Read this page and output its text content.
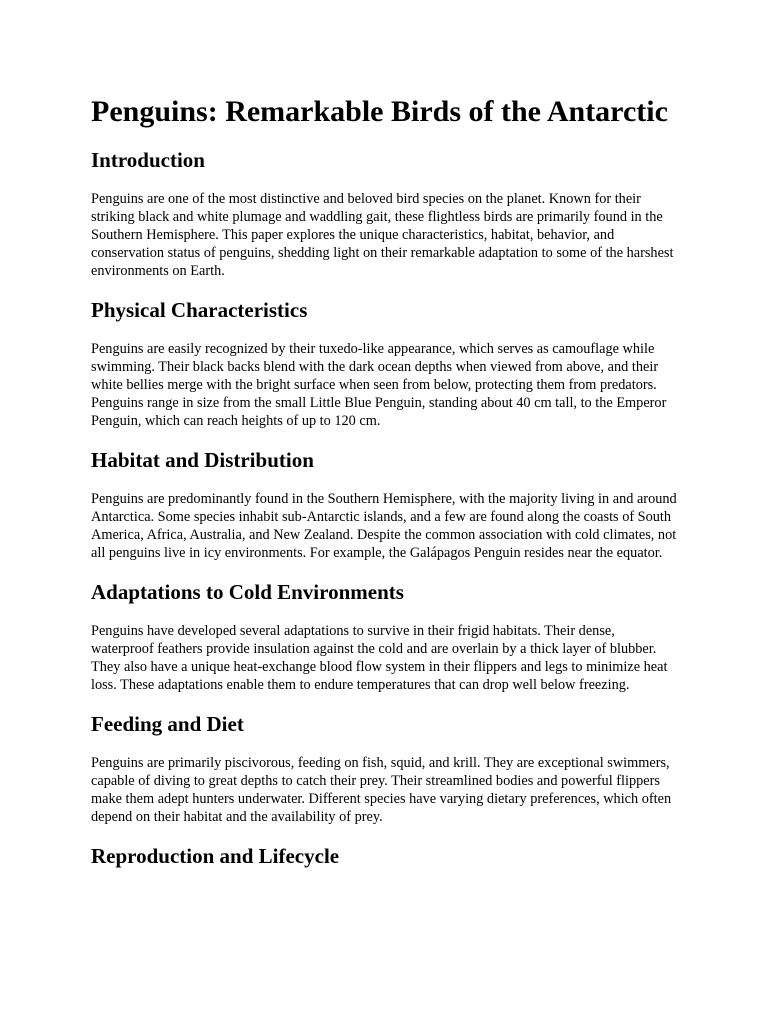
Penguins: Remarkable Birds of the Antarctic
Introduction

Penguins are one of the most distinctive and beloved bird species on the planet. Known for their striking black and white plumage and waddling gait, these flightless birds are primarily found in the Southern Hemisphere. This paper explores the unique characteristics, habitat, behavior, and conservation status of penguins, shedding light on their remarkable adaptation to some of the harshest environments on Earth.

Physical Characteristics

Penguins are easily recognized by their tuxedo-like appearance, which serves as camouflage while swimming. Their black backs blend with the dark ocean depths when viewed from above, and their white bellies merge with the bright surface when seen from below, protecting them from predators. Penguins range in size from the small Little Blue Penguin, standing about 40 cm tall, to the Emperor Penguin, which can reach heights of up to 120 cm.

Habitat and Distribution

Penguins are predominantly found in the Southern Hemisphere, with the majority living in and around Antarctica. Some species inhabit sub-Antarctic islands, and a few are found along the coasts of South America, Africa, Australia, and New Zealand. Despite the common association with cold climates, not all penguins live in icy environments. For example, the Galápagos Penguin resides near the equator.

Adaptations to Cold Environments

Penguins have developed several adaptations to survive in their frigid habitats. Their dense, waterproof feathers provide insulation against the cold and are overlain by a thick layer of blubber. They also have a unique heat-exchange blood flow system in their flippers and legs to minimize heat loss. These adaptations enable them to endure temperatures that can drop well below freezing.

Feeding and Diet

Penguins are primarily piscivorous, feeding on fish, squid, and krill. They are exceptional swimmers, capable of diving to great depths to catch their prey. Their streamlined bodies and powerful flippers make them adept hunters underwater. Different species have varying dietary preferences, which often depend on their habitat and the availability of prey.

Reproduction and Lifecycle
